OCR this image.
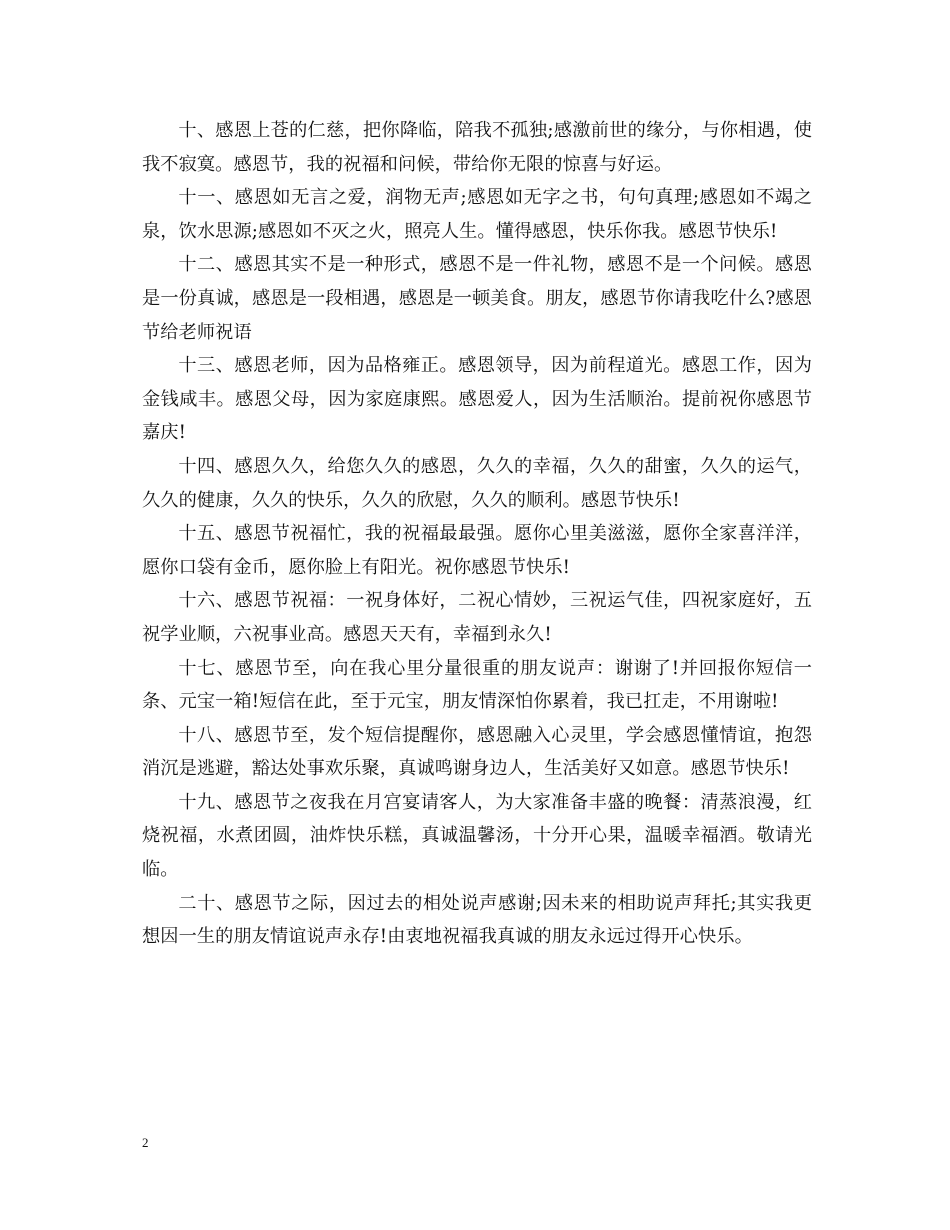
十、感恩上苍的仁慈，把你降临，陪我不孤独;感激前世的缘分，与你相遇，使我不寂寞。感恩节，我的祝福和问候，带给你无限的惊喜与好运。

十一、感恩如无言之爱，润物无声;感恩如无字之书，句句真理;感恩如不竭之泉，饮水思源;感恩如不灭之火，照亮人生。懂得感恩，快乐你我。感恩节快乐!

十二、感恩其实不是一种形式，感恩不是一件礼物，感恩不是一个问候。感恩是一份真诚，感恩是一段相遇，感恩是一顿美食。朋友，感恩节你请我吃什么?感恩节给老师祝语

十三、感恩老师，因为品格雍正。感恩领导，因为前程道光。感恩工作，因为金钱咸丰。感恩父母，因为家庭康熙。感恩爱人，因为生活顺治。提前祝你感恩节嘉庆!

十四、感恩久久，给您久久的感恩，久久的幸福，久久的甜蜜，久久的运气，久久的健康，久久的快乐，久久的欣慰，久久的顺利。感恩节快乐!

十五、感恩节祝福忙，我的祝福最最强。愿你心里美滋滋，愿你全家喜洋洋，愿你口袋有金币，愿你脸上有阳光。祝你感恩节快乐!

十六、感恩节祝福：一祝身体好，二祝心情妙，三祝运气佳，四祝家庭好，五祝学业顺，六祝事业高。感恩天天有，幸福到永久!

十七、感恩节至，向在我心里分量很重的朋友说声：谢谢了!并回报你短信一条、元宝一箱!短信在此，至于元宝，朋友情深怕你累着，我已扛走，不用谢啦!

十八、感恩节至，发个短信提醒你，感恩融入心灵里，学会感恩懂情谊，抱怨消沉是逃避，豁达处事欢乐聚，真诚鸣谢身边人，生活美好又如意。感恩节快乐!

十九、感恩节之夜我在月宫宴请客人，为大家准备丰盛的晚餐：清蒸浪漫，红烧祝福，水煮团圆，油炸快乐糕，真诚温馨汤，十分开心果，温暖幸福酒。敬请光临。

二十、感恩节之际，因过去的相处说声感谢;因未来的相助说声拜托;其实我更想因一生的朋友情谊说声永存!由衷地祝福我真诚的朋友永远过得开心快乐。

2
